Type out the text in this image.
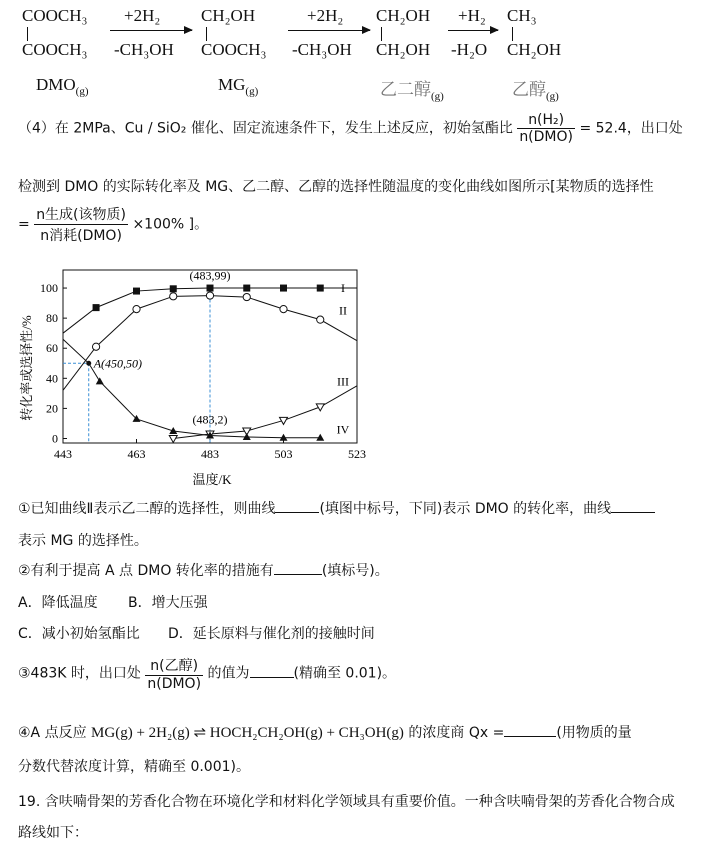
COOCH₃
COOCH₃
$DMO_{(g)}$
+2H₂
-CH₃OH
CH₂OH
COOCH₃
$MG_{(g)}$
+2H₂
-CH₃OH
CH₂OH
CH₂OH
乙二醇$_{(g)}$
+H₂
-H₂O
CH₃
CH₂OH
乙醇$_{(g)}$
（4）在 2MPa、Cu / SiO₂ 催化、固定流速条件下，发生上述反应，初始氢酯比 $\frac{\text{n(H₂)}}{\text{n(DMO)}} = 52.4$，出口处
检测到 DMO 的实际转化率及 MG、乙二醇、乙醇的选择性随温度的变化曲线如图所示[某物质的选择性
= $\frac{\text{n生成(该物质)}}{\text{n消耗(DMO)}} \times 100\%$ ]。
0
20
40
60
80
100
443	463	483	503	523
I
II
III
IV
(483,99)
A(450,50)
(483,2)
转化率或选择性/%
温度/K
①已知曲线Ⅱ表示乙二醇的选择性，则曲线	(填图中标号，下同)表示 DMO 的转化率，曲线
表示 MG 的选择性。
②有利于提高 A 点 DMO 转化率的措施有	(填标号)。
A．降低温度 B．增大压强
C．减小初始氢酯比 D．延长原料与催化剂的接触时间
③483K 时，出口处 $\frac{\text{n(乙醇)}}{\text{n(DMO)}}$ 的值为	(精确至 0.01)。
④A 点反应 MG(g) + 2H₂(g) ⇌ HOCH₂CH₂OH(g) + CH₃OH(g) 的浓度商 Qx =	(用物质的量
分数代替浓度计算，精确至 0.001)。
19. 含呋喃骨架的芳香化合物在环境化学和材料化学领域具有重要价值。一种含呋喃骨架的芳香化合物合成
路线如下：
